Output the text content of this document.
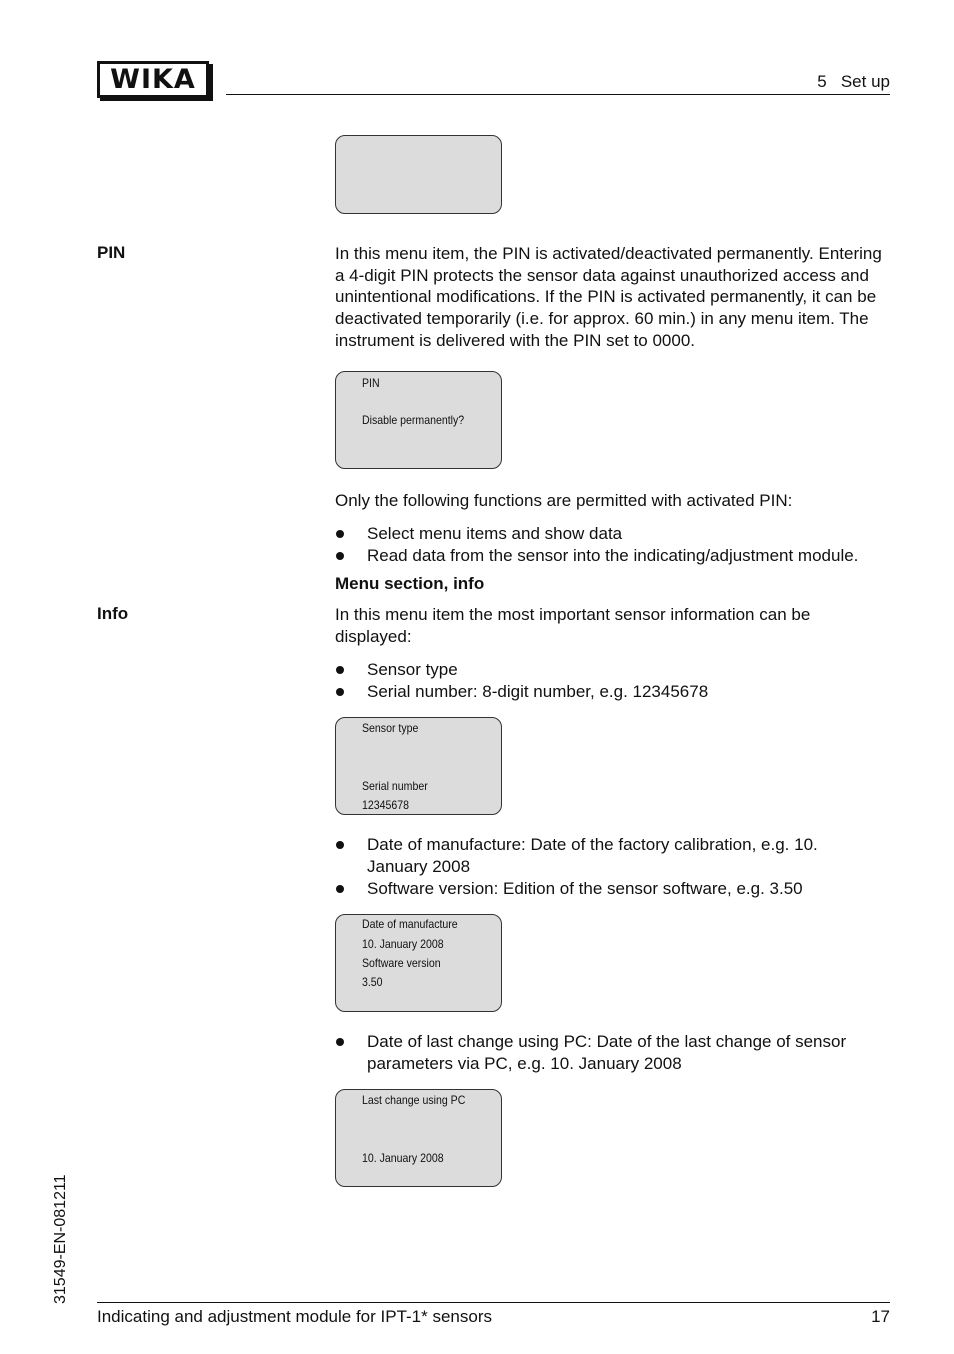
WIKA	5   Set up
PIN	In this menu item, the PIN is activated/deactivated permanently. Entering a 4-digit PIN protects the sensor data against unauthorized access and unintentional modifications. If the PIN is activated permanently, it can be deactivated temporarily (i.e. for approx. 60 min.) in any menu item. The instrument is delivered with the PIN set to 0000.
PIN
Disable permanently?
Only the following functions are permitted with activated PIN:
Select menu items and show data
Read data from the sensor into the indicating/adjustment module.
Menu section, info
Info	In this menu item the most important sensor information can be displayed:
Sensor type
Serial number: 8-digit number, e.g. 12345678
Sensor type
Serial number
12345678
Date of manufacture: Date of the factory calibration, e.g. 10. January 2008
Software version: Edition of the sensor software, e.g. 3.50
Date of manufacture
10. January 2008
Software version
3.50
Date of last change using PC: Date of the last change of sensor parameters via PC, e.g. 10. January 2008
Last change using PC
10. January 2008
31549-EN-081211
Indicating and adjustment module for IPT-1* sensors	17
